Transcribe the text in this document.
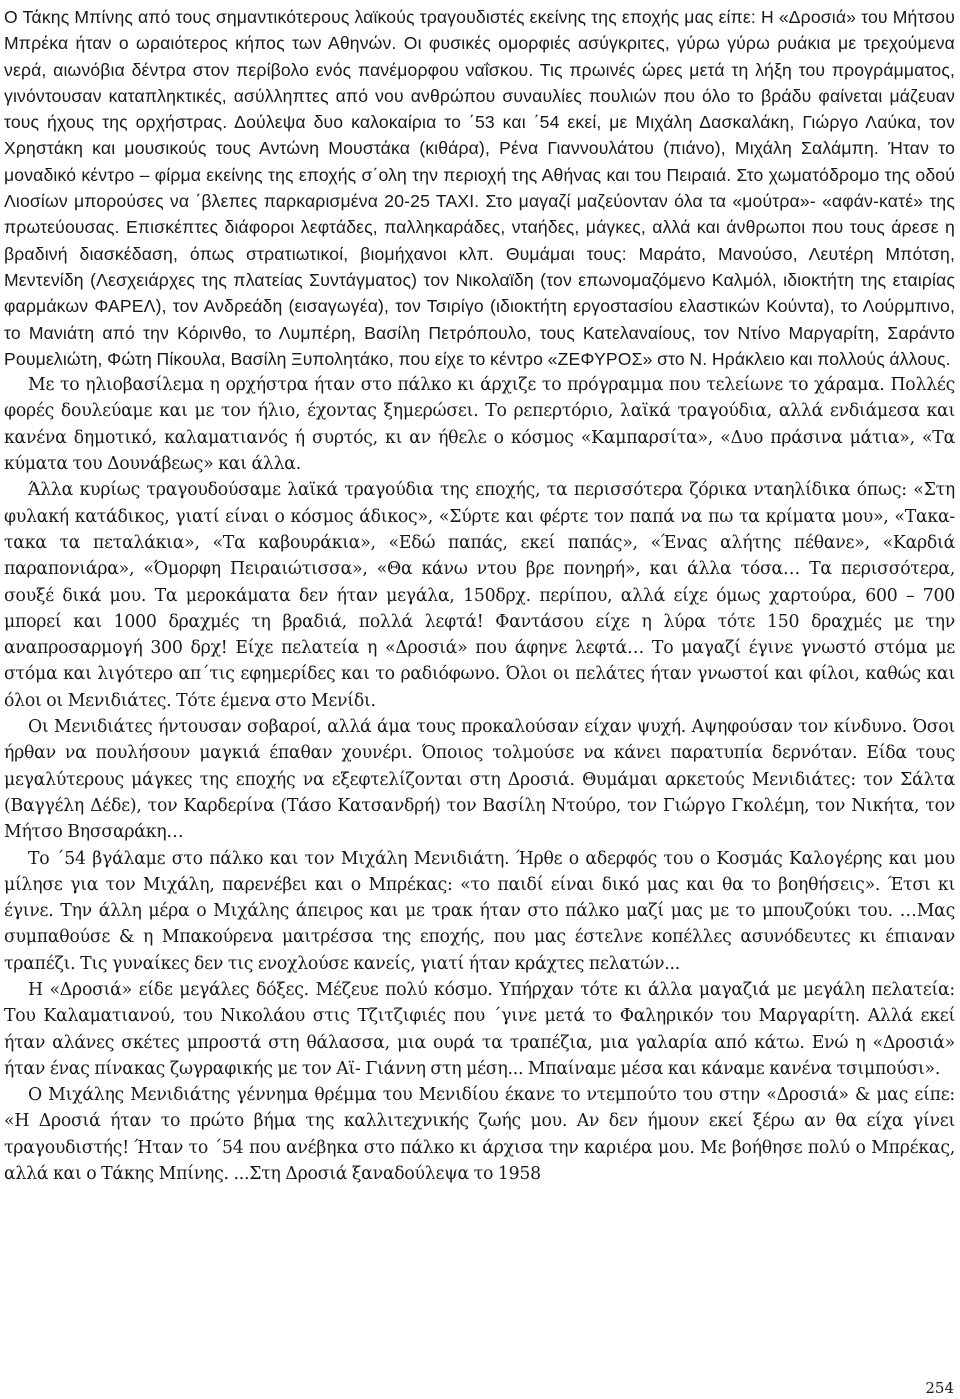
Ο Τάκης Μπίνης από τους σημαντικότερους λαϊκούς τραγουδιστές εκείνης της εποχής μας είπε: Η «Δροσιά» του Μήτσου Μπρέκα ήταν ο ωραιότερος κήπος των Αθηνών. Οι φυσικές ομορφιές ασύγκριτες, γύρω γύρω ρυάκια με τρεχούμενα νερά, αιωνόβια δέντρα στον περίβολο ενός πανέμορφου ναΐσκου. Τις πρωινές ώρες μετά τη λήξη του προγράμματος, γινόντουσαν καταπληκτικές, ασύλληπτες από νου ανθρώπου συναυλίες πουλιών που όλο το βράδυ φαίνεται μάζευαν τους ήχους της ορχήστρας. Δούλεψα δυο καλοκαίρια το ΄53 και ΄54 εκεί, με Μιχάλη Δασκαλάκη, Γιώργο Λαύκα, τον Χρηστάκη και μουσικούς τους Αντώνη Μουστάκα (κιθάρα), Ρένα Γιαννουλάτου (πιάνο), Μιχάλη Σαλάμπη. Ήταν το μοναδικό κέντρο – φίρμα εκείνης της εποχής σ΄ολη την περιοχή της Αθήνας και του Πειραιά. Στο χωματόδρομο της οδού Λιοσίων μπορούσες να ΄βλεπες παρκαρισμένα 20-25 ΤΑΧΙ. Στο μαγαζί μαζεύονταν όλα τα «μούτρα»- «αφάν-κατέ» της πρωτεύουσας. Επισκέπτες διάφοροι λεφτάδες, παλληκαράδες, νταήδες, μάγκες, αλλά και άνθρωποι που τους άρεσε η βραδινή διασκέδαση, όπως στρατιωτικοί, βιομήχανοι κλπ. Θυμάμαι τους: Μαράτο, Μανούσο, Λευτέρη Μπότση, Μεντενίδη (Λεσχειάρχες της πλατείας Συντάγματος) τον Νικολαϊδη (τον επωνομαζόμενο Καλμόλ, ιδιοκτήτη της εταιρίας φαρμάκων ΦΑΡΕΛ), τον Ανδρεάδη (εισαγωγέα), τον Τσιρίγο (ιδιοκτήτη εργοστασίου ελαστικών Κούντα), το Λούρμπινο, το Μανιάτη από την Κόρινθο, το Λυμπέρη, Βασίλη Πετρόπουλο, τους Κατελαναίους, τον Ντίνο Μαργαρίτη, Σαράντο Ρουμελιώτη, Φώτη Πίκουλα, Βασίλη Ξυπολητάκο, που είχε το κέντρο «ΖΕΦΥΡΟΣ» στο Ν. Ηράκλειο και πολλούς άλλους.

Με το ηλιοβασίλεμα η ορχήστρα ήταν στο πάλκο κι άρχιζε το πρόγραμμα που τελείωνε το χάραμα. Πολλές φορές δουλεύαμε και με τον ήλιο, έχοντας ξημερώσει. Το ρεπερτόριο, λαϊκά τραγούδια, αλλά ενδιάμεσα και κανένα δημοτικό, καλαματιανός ή συρτός, κι αν ήθελε ο κόσμος «Καμπαρσίτα», «Δυο πράσινα μάτια», «Τα κύματα του Δουνάβεως» και άλλα.

Άλλα κυρίως τραγουδούσαμε λαϊκά τραγούδια της εποχής, τα περισσότερα ζόρικα νταηλίδικα όπως: «Στη φυλακή κατάδικος, γιατί είναι ο κόσμος άδικος», «Σύρτε και φέρτε τον παπά να πω τα κρίματα μου», «Τακα-τακα τα πεταλάκια», «Τα καβουράκια», «Εδώ παπάς, εκεί παπάς», «Ένας αλήτης πέθανε», «Καρδιά παραπονιάρα», «Όμορφη Πειραιώτισσα», «Θα κάνω ντου βρε πονηρή», και άλλα τόσα… Τα περισσότερα, σουξέ δικά μου. Τα μεροκάματα δεν ήταν μεγάλα, 150δρχ. περίπου, αλλά είχε όμως χαρτούρα, 600 – 700 μπορεί και 1000 δραχμές τη βραδιά, πολλά λεφτά! Φαντάσου είχε η λύρα τότε 150 δραχμές με την αναπροσαρμογή 300 δρχ! Είχε πελατεία η «Δροσιά» που άφηνε λεφτά… Το μαγαζί έγινε γνωστό στόμα με στόμα και λιγότερο απ΄τις εφημερίδες και το ραδιόφωνο. Όλοι οι πελάτες ήταν γνωστοί και φίλοι, καθώς και όλοι οι Μενιδιάτες. Τότε έμενα στο Μενίδι.

Οι Μενιδιάτες ήντουσαν σοβαροί, αλλά άμα τους προκαλούσαν είχαν ψυχή. Αψηφούσαν τον κίνδυνο. Όσοι ήρθαν να πουλήσουν μαγκιά έπαθαν χουνέρι. Όποιος τολμούσε να κάνει παρατυπία δερνόταν. Είδα τους μεγαλύτερους μάγκες της εποχής να εξεφτελίζονται στη Δροσιά. Θυμάμαι αρκετούς Μενιδιάτες: τον Σάλτα (Βαγγέλη Δέδε), τον Καρδερίνα (Τάσο Κατσανδρή) τον Βασίλη Ντούρο, τον Γιώργο Γκολέμη, τον Νικήτα, τον Μήτσο Βησσαράκη…

Το ΄54 βγάλαμε στο πάλκο και τον Μιχάλη Μενιδιάτη. Ήρθε ο αδερφός του ο Κοσμάς Καλογέρης και μου μίλησε για τον Μιχάλη, παρενέβει και ο Μπρέκας: «το παιδί είναι δικό μας και θα το βοηθήσεις». Έτσι κι έγινε. Την άλλη μέρα ο Μιχάλης άπειρος και με τρακ ήταν στο πάλκο μαζί μας με το μπουζούκι του. …Μας συμπαθούσε & η Μπακούρενα μαιτρέσσα της εποχής, που μας έστελνε κοπέλλες ασυνόδευτες κι έπιαναν τραπέζι. Τις γυναίκες δεν τις ενοχλούσε κανείς, γιατί ήταν κράχτες πελατών...

Η «Δροσιά» είδε μεγάλες δόξες. Μέζευε πολύ κόσμο. Υπήρχαν τότε κι άλλα μαγαζιά με μεγάλη πελατεία: Του Καλαματιανού, του Νικολάου στις Τζιτζιφιές που ΄γινε μετά το Φαληρικόν του Μαργαρίτη. Αλλά εκεί ήταν αλάνες σκέτες μπροστά στη θάλασσα, μια ουρά τα τραπέζια, μια γαλαρία από κάτω. Ενώ η «Δροσιά» ήταν ένας πίνακας ζωγραφικής με τον Αϊ- Γιάννη στη μέση... Μπαίναμε μέσα και κάναμε κανένα τσιμπούσι».

Ο Μιχάλης Μενιδιάτης γέννημα θρέμμα του Μενιδίου έκανε το ντεμπούτο του στην «Δροσιά» & μας είπε: «Η Δροσιά ήταν το πρώτο βήμα της καλλιτεχνικής ζωής μου. Αν δεν ήμουν εκεί ξέρω αν θα είχα γίνει τραγουδιστής! Ήταν το ΄54 που ανέβηκα στο πάλκο κι άρχισα την καριέρα μου. Με βοήθησε πολύ ο Μπρέκας, αλλά και ο Τάκης Μπίνης. ...Στη Δροσιά ξαναδούλεψα το 1958

254
